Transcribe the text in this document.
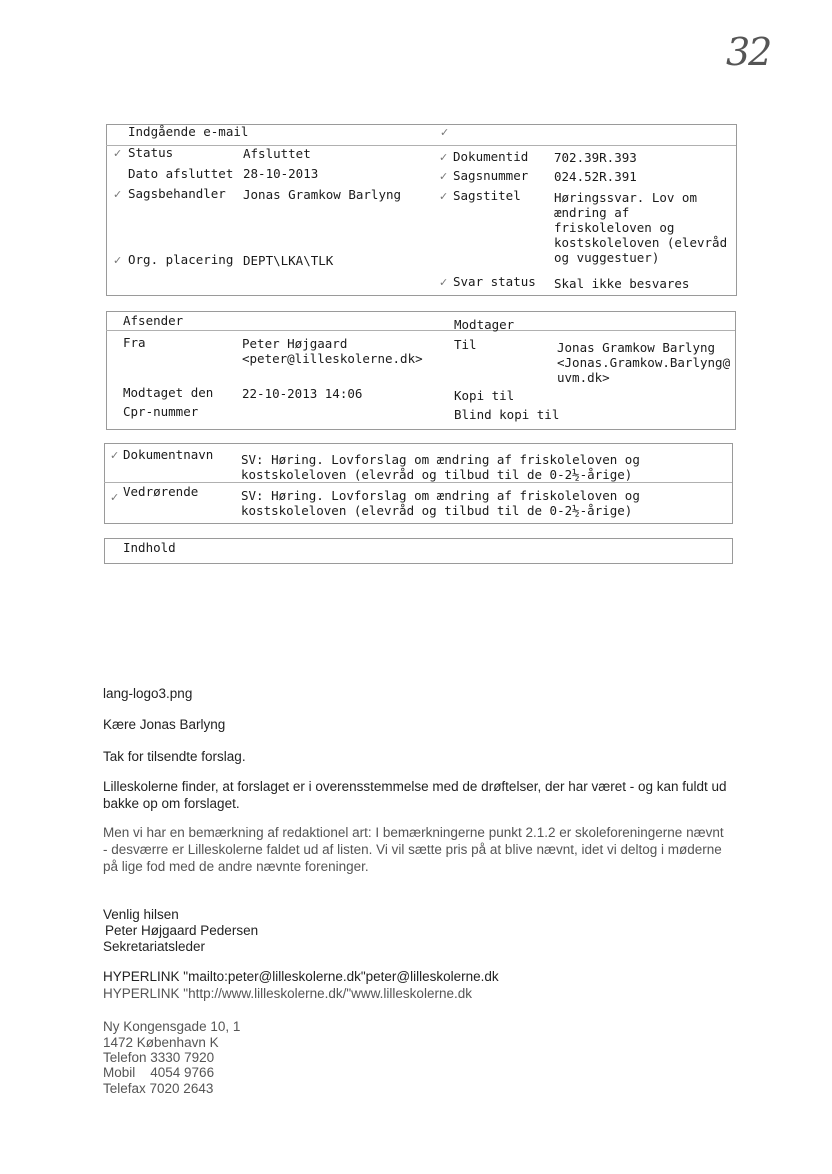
32
Indgående e-mail	✓
✓ Status	Afsluttet
Dato afsluttet 28-10-2013
✓ Sagsbehandler Jonas Gramkow Barlyng
✓ Org. placering DEPT\LKA\TLK
✓ Dokumentid 702.39R.393
✓ Sagsnummer 024.52R.391
✓ Sagstitel	Høringssvar. Lov om ændring af friskoleloven og kostskoleloven (elevråd og vuggestuer)
✓ Svar status Skal ikke besvares
Afsender	Modtager
Fra	Peter Højgaard
<peter@lilleskolerne.dk>
Til	Jonas Gramkow Barlyng
<Jonas.Gramkow.Barlyng@uvm.dk>
Modtaget den 22-10-2013 14:06	Kopi til
Cpr-nummer	Blind kopi til
✓ Dokumentnavn SV: Høring. Lovforslag om ændring af friskoleloven og kostskoleloven (elevråd og tilbud til de 0-2½-årige)
✓ Vedrørende	SV: Høring. Lovforslag om ændring af friskoleloven og kostskoleloven (elevråd og tilbud til de 0-2½-årige)
Indhold
lang-logo3.png
Kære Jonas Barlyng
Tak for tilsendte forslag.
Lilleskolerne finder, at forslaget er i overensstemmelse med de drøftelser, der har været - og kan fuldt ud bakke op om forslaget.
Men vi har en bemærkning af redaktionel art: I bemærkningerne punkt 2.1.2 er skoleforeningerne nævnt - desværre er Lilleskolerne faldet ud af listen. Vi vil sætte pris på at blive nævnt, idet vi deltog i møderne på lige fod med de andre nævnte foreninger.
Venlig hilsen
Peter Højgaard Pedersen
Sekretariatsleder
HYPERLINK "mailto:peter@lilleskolerne.dk"peter@lilleskolerne.dk
HYPERLINK "http://www.lilleskolerne.dk/"www.lilleskolerne.dk
Ny Kongensgade 10, 1
1472 København K
Telefon 3330 7920
Mobil    4054 9766
Telefax 7020 2643
